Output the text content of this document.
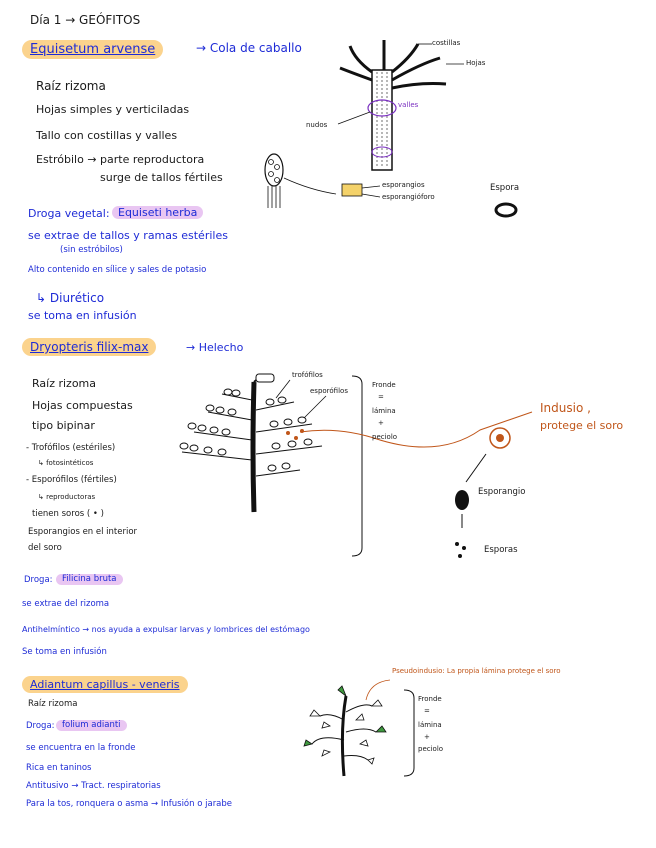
Día 1 → GEÓFITOS
Equisetum arvense	→ Cola de caballo
Raíz rizoma
Hojas simples y verticiladas
Tallo con costillas y valles
Estróbilo → parte reproductora
surge de tallos fértiles
costillas
Hojas
valles
nudos
esporangios
esporangióforo
Espora
Droga vegetal: Equiseti herba
se extrae de tallos y ramas estériles
(sin estróbilos)
Alto contenido en sílice y sales de potasio
↳ Diurético
se toma en infusión
Dryopteris filix-max	→ Helecho
Raíz rizoma
Hojas compuestas
tipo bipinar
- Trofófilos (estériles)
↳ fotosintéticos
- Esporófilos (fértiles)
↳ reproductoras
tienen soros ( • )
Esporangios en el interior
del soro
trofófilos
esporófilos
Fronde
=
lámina
+
peciolo
Indusio ,
protege el soro
Esporangio
Esporas
Droga:	Filicina bruta
se extrae del rizoma
Antihelmíntico → nos ayuda a expulsar larvas y lombrices del estómago
Se toma en infusión
Adiantum capillus - veneris
Raíz rizoma
Droga: folium adianti
se encuentra en la fronde
Rica en taninos
Antitusivo → Tract. respiratorias
Para la tos, ronquera o asma → Infusión o jarabe
Pseudoindusio: La propia lámina protege el soro
Fronde
=
lámina
+
peciolo
